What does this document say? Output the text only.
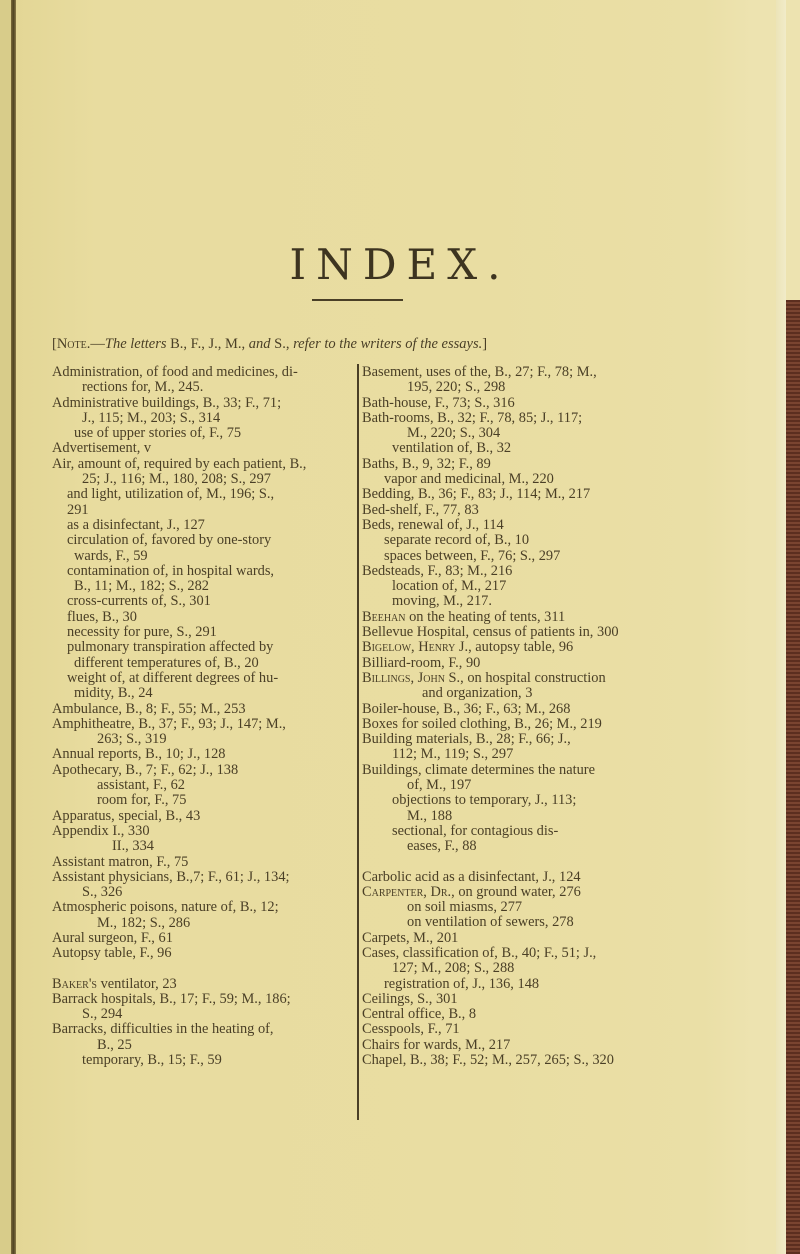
INDEX.
[Note.—The letters B., F., J., M., and S., refer to the writers of the essays.]
Administration, of food and medicines, di-
rections for, M., 245.
Administrative buildings, B., 33; F., 71;
J., 115; M., 203; S., 314
use of upper stories of, F., 75
Advertisement, v
Air, amount of, required by each patient, B.,
25; J., 116; M., 180, 208; S., 297
and light, utilization of, M., 196; S.,
291
as a disinfectant, J., 127
circulation of, favored by one-story
wards, F., 59
contamination of, in hospital wards,
B., 11; M., 182; S., 282
cross-currents of, S., 301
flues, B., 30
necessity for pure, S., 291
pulmonary transpiration affected by
different temperatures of, B., 20
weight of, at different degrees of hu-
midity, B., 24
Ambulance, B., 8; F., 55; M., 253
Amphitheatre, B., 37; F., 93; J., 147; M.,
263; S., 319
Annual reports, B., 10; J., 128
Apothecary, B., 7; F., 62; J., 138
assistant, F., 62
room for, F., 75
Apparatus, special, B., 43
Appendix I., 330
II., 334
Assistant matron, F., 75
Assistant physicians, B.,7; F., 61; J., 134;
S., 326
Atmospheric poisons, nature of, B., 12;
M., 182; S., 286
Aural surgeon, F., 61
Autopsy table, F., 96
Baker's ventilator, 23
Barrack hospitals, B., 17; F., 59; M., 186;
S., 294
Barracks, difficulties in the heating of,
B., 25
temporary, B., 15; F., 59
Basement, uses of the, B., 27; F., 78; M.,
195, 220; S., 298
Bath-house, F., 73; S., 316
Bath-rooms, B., 32; F., 78, 85; J., 117;
M., 220; S., 304
ventilation of, B., 32
Baths, B., 9, 32; F., 89
vapor and medicinal, M., 220
Bedding, B., 36; F., 83; J., 114; M., 217
Bed-shelf, F., 77, 83
Beds, renewal of, J., 114
separate record of, B., 10
spaces between, F., 76; S., 297
Bedsteads, F., 83; M., 216
location of, M., 217
moving, M., 217.
Beehan on the heating of tents, 311
Bellevue Hospital, census of patients in, 300
Bigelow, Henry J., autopsy table, 96
Billiard-room, F., 90
Billings, John S., on hospital construction
and organization, 3
Boiler-house, B., 36; F., 63; M., 268
Boxes for soiled clothing, B., 26; M., 219
Building materials, B., 28; F., 66; J.,
112; M., 119; S., 297
Buildings, climate determines the nature
of, M., 197
objections to temporary, J., 113;
M., 188
sectional, for contagious dis-
eases, F., 88
Carbolic acid as a disinfectant, J., 124
Carpenter, Dr., on ground water, 276
on soil miasms, 277
on ventilation of sewers, 278
Carpets, M., 201
Cases, classification of, B., 40; F., 51; J.,
127; M., 208; S., 288
registration of, J., 136, 148
Ceilings, S., 301
Central office, B., 8
Cesspools, F., 71
Chairs for wards, M., 217
Chapel, B., 38; F., 52; M., 257, 265; S., 320
